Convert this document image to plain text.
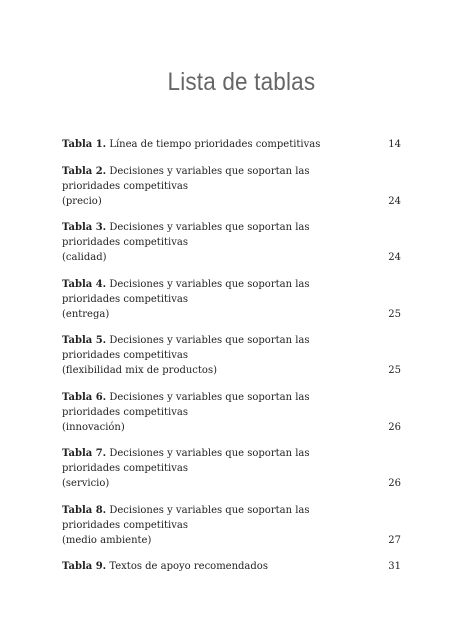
Lista de tablas
Tabla 1. Línea de tiempo prioridades competitivas	14
Tabla 2. Decisiones y variables que soportan las prioridades competitivas
(precio)	24
Tabla 3. Decisiones y variables que soportan las prioridades competitivas
(calidad)	24
Tabla 4. Decisiones y variables que soportan las prioridades competitivas
(entrega)	25
Tabla 5. Decisiones y variables que soportan las prioridades competitivas
(flexibilidad mix de productos)	25
Tabla 6. Decisiones y variables que soportan las prioridades competitivas
(innovación)	26
Tabla 7. Decisiones y variables que soportan las prioridades competitivas
(servicio)	26
Tabla 8. Decisiones y variables que soportan las prioridades competitivas
(medio ambiente)	27
Tabla 9. Textos de apoyo recomendados	31
